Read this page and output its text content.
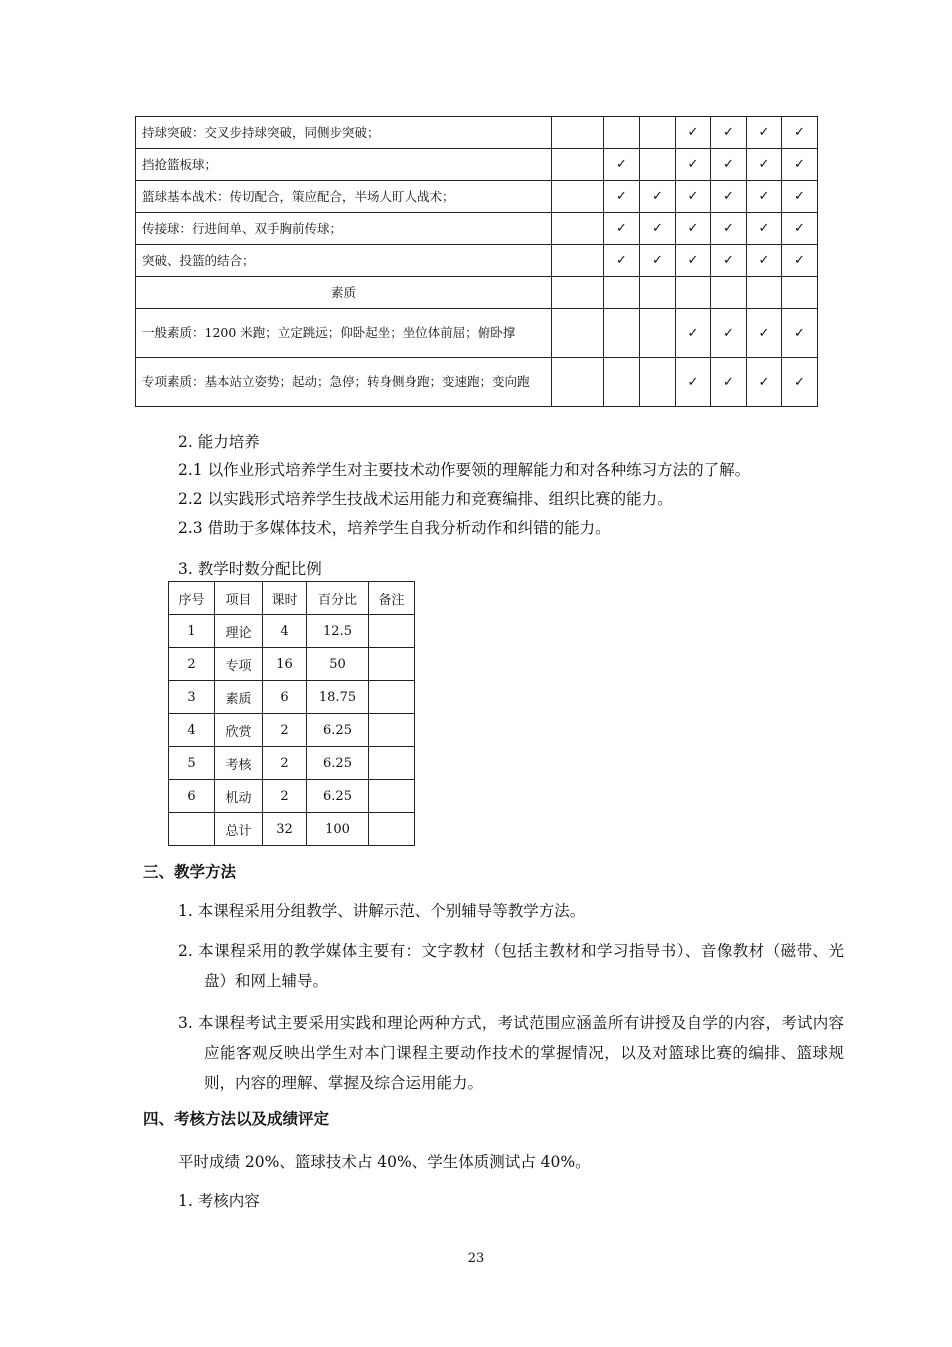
持球突破：交叉步持球突破，同侧步突破；				✓	✓	✓	✓
挡抢篮板球；		✓		✓	✓	✓	✓
篮球基本战术：传切配合，策应配合，半场人盯人战术；		✓	✓	✓	✓	✓	✓
传接球：行进间单、双手胸前传球；		✓	✓	✓	✓	✓	✓
突破、投篮的结合；		✓	✓	✓	✓	✓	✓
素质							
一般素质：1200 米跑；立定跳远；仰卧起坐；坐位体前屈；俯卧撑				✓	✓	✓	✓
专项素质：基本站立姿势；起动；急停；转身侧身跑；变速跑；变向跑				✓	✓	✓	✓
2. 能力培养
2.1 以作业形式培养学生对主要技术动作要领的理解能力和对各种练习方法的了解。
2.2 以实践形式培养学生技战术运用能力和竞赛编排、组织比赛的能力。
2.3 借助于多媒体技术，培养学生自我分析动作和纠错的能力。
3. 教学时数分配比例
序号	项目	课时	百分比	备注
1	理论	4	12.5	
2	专项	16	50	
3	素质	6	18.75	
4	欣赏	2	6.25	
5	考核	2	6.25	
6	机动	2	6.25	
	总计	32	100	
三、教学方法
1. 本课程采用分组教学、讲解示范、个别辅导等教学方法。
2. 本课程采用的教学媒体主要有：文字教材（包括主教材和学习指导书）、音像教材（磁带、光盘）和网上辅导。
3. 本课程考试主要采用实践和理论两种方式，考试范围应涵盖所有讲授及自学的内容，考试内容应能客观反映出学生对本门课程主要动作技术的掌握情况，以及对篮球比赛的编排、篮球规则，内容的理解、掌握及综合运用能力。
四、考核方法以及成绩评定
平时成绩 20%、篮球技术占 40%、学生体质测试占 40%。
1. 考核内容
23
